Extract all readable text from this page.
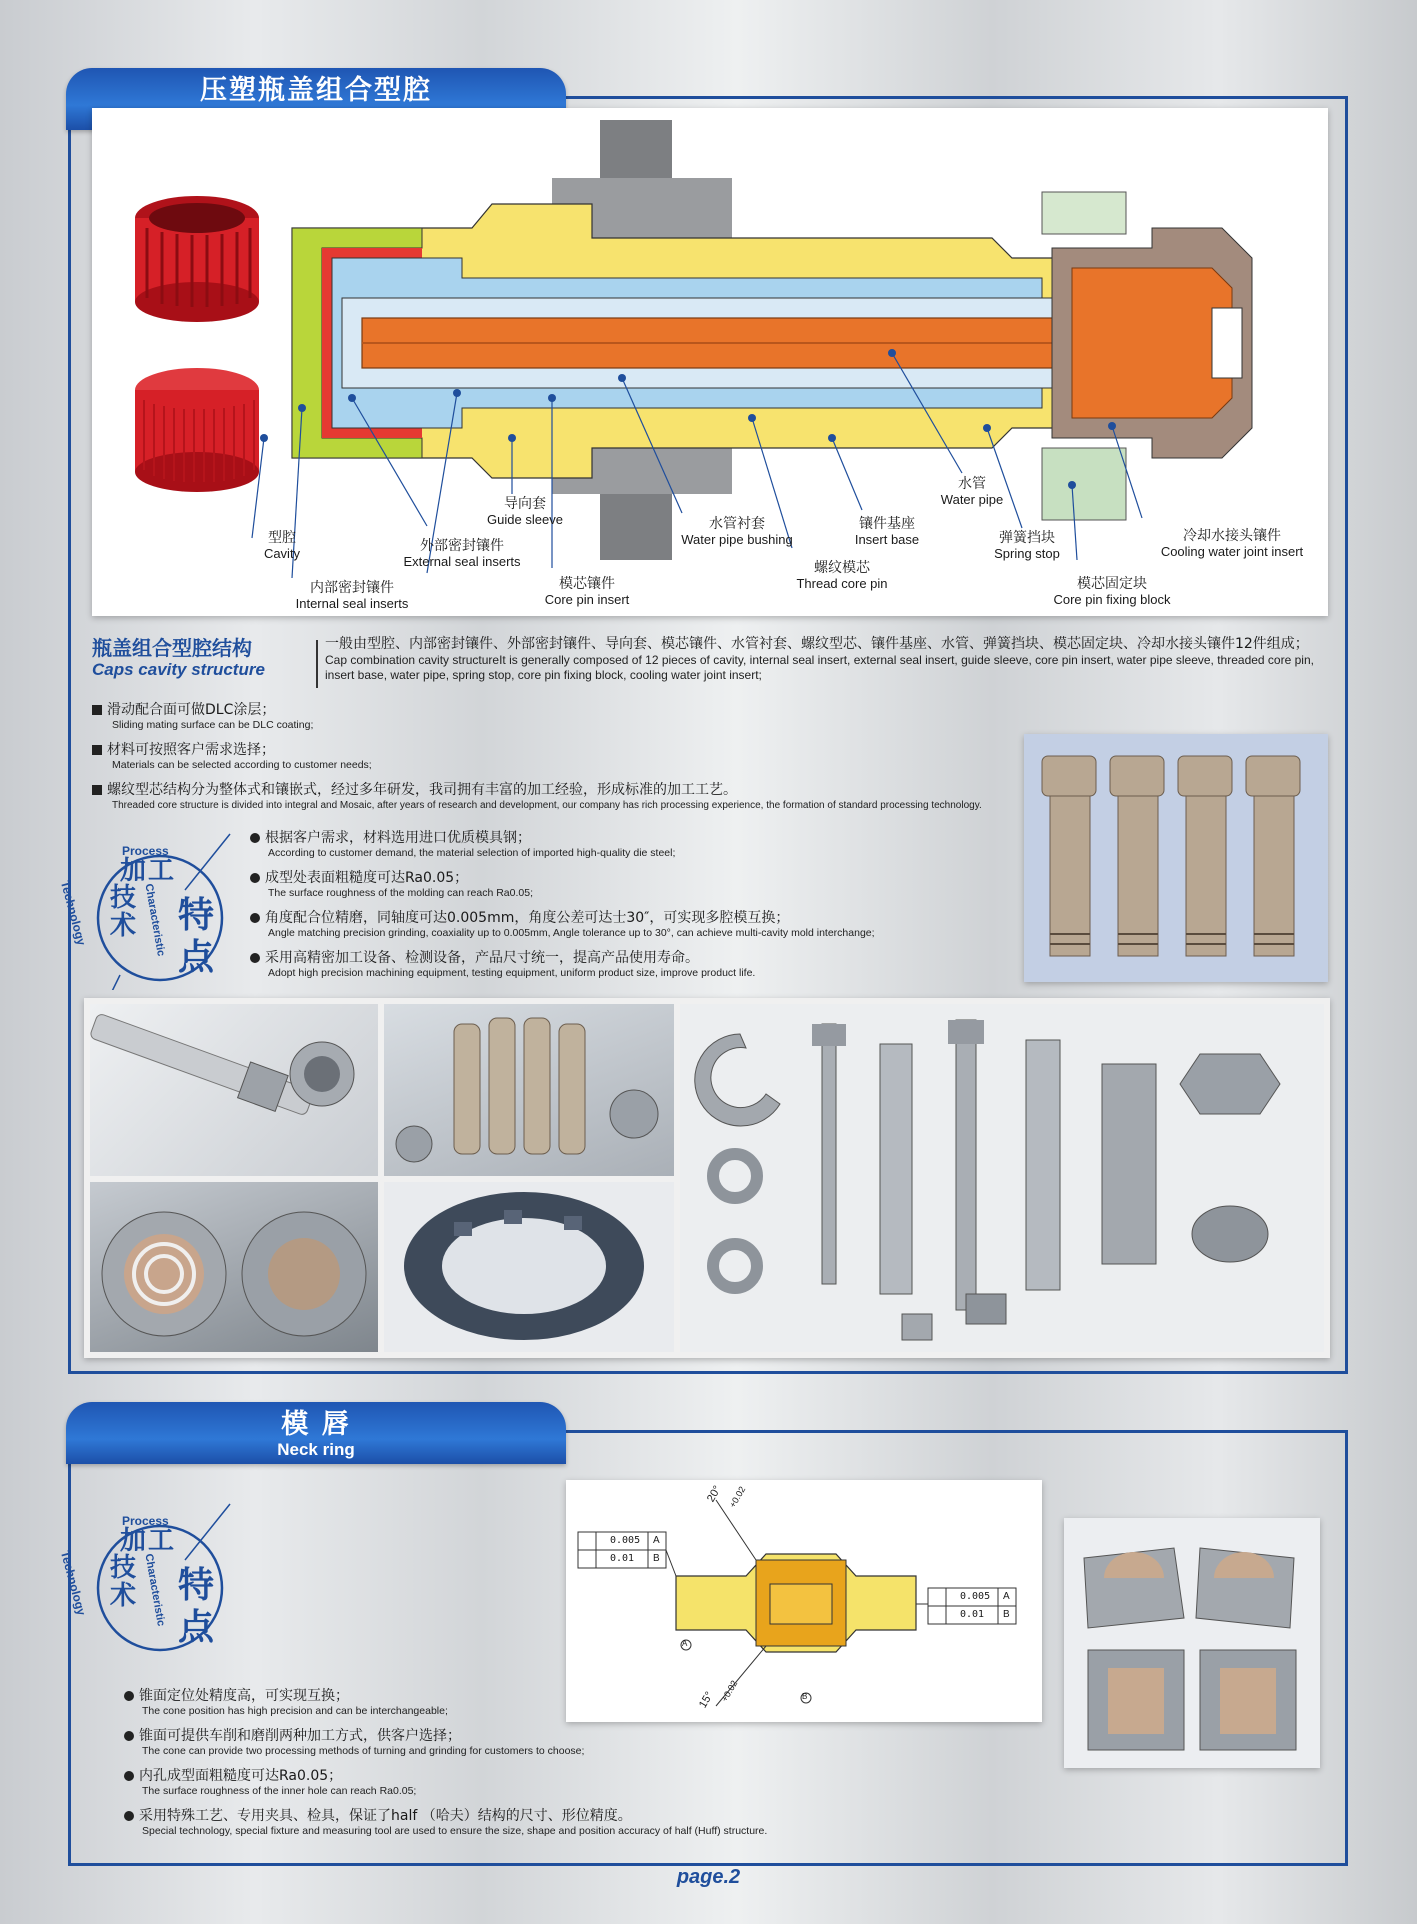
压塑瓶盖组合型腔
型腔
Cavity
内部密封镶件
Internal seal inserts
外部密封镶件
External seal inserts
导向套
Guide sleeve
模芯镶件
Core pin insert
水管衬套
Water pipe bushing
螺纹模芯
Thread core pin
镶件基座
Insert base
水管
Water pipe
弹簧挡块
Spring stop
模芯固定块
Core pin fixing block
冷却水接头镶件
Cooling water joint insert
瓶盖组合型腔结构
Caps cavity structure
一般由型腔、内部密封镶件、外部密封镶件、导向套、模芯镶件、水管衬套、螺纹型芯、镶件基座、水管、弹簧挡块、模芯固定块、冷却水接头镶件12件组成；
Cap combination cavity structureIt is generally composed of 12 pieces of cavity, internal seal insert, external seal insert, guide sleeve, core pin insert, water pipe sleeve, threaded core pin, insert base, water pipe, spring stop, core pin fixing block, cooling water joint insert;
滑动配合面可做DLC涂层；
Sliding mating surface can be DLC coating;
材料可按照客户需求选择；
Materials can be selected according to customer needs;
螺纹型芯结构分为整体式和镶嵌式，经过多年研发，我司拥有丰富的加工经验，形成标准的加工工艺。
Threaded core structure is divided into integral and Mosaic, after years of research and development, our company has rich processing experience, the formation of standard processing technology.
加工
技术 特点
Process
Technology	Characteristic
根据客户需求，材料选用进口优质模具钢；
According to customer demand, the material selection of imported high-quality die steel;
成型处表面粗糙度可达Ra0.05；
The surface roughness of the molding can reach Ra0.05;
角度配合位精磨，同轴度可达0.005mm，角度公差可达士30″，可实现多腔模互换；
Angle matching precision grinding, coaxiality up to 0.005mm, Angle tolerance up to 30°, can achieve multi-cavity mold interchange;
采用高精密加工设备、检测设备，产品尺寸统一，提高产品使用寿命。
Adopt high precision machining equipment, testing equipment, uniform product size, improve product life.
模 唇
Neck ring
加工
技术 特点
Process
Technology	Characteristic
0.005 A
0.01 B
0.005 A
0.01 B
20° +0.02
15° +0.02
A
B
锥面定位处精度高，可实现互换；
The cone position has high precision and can be interchangeable;
锥面可提供车削和磨削两种加工方式，供客户选择；
The cone can provide two processing methods of turning and grinding for customers to choose;
内孔成型面粗糙度可达Ra0.05；
The surface roughness of the inner hole can reach Ra0.05;
采用特殊工艺、专用夹具、检具，保证了half （哈夫）结构的尺寸、形位精度。
Special technology, special fixture and measuring tool are used to ensure the size, shape and position accuracy of half (Huff) structure.
page.2
